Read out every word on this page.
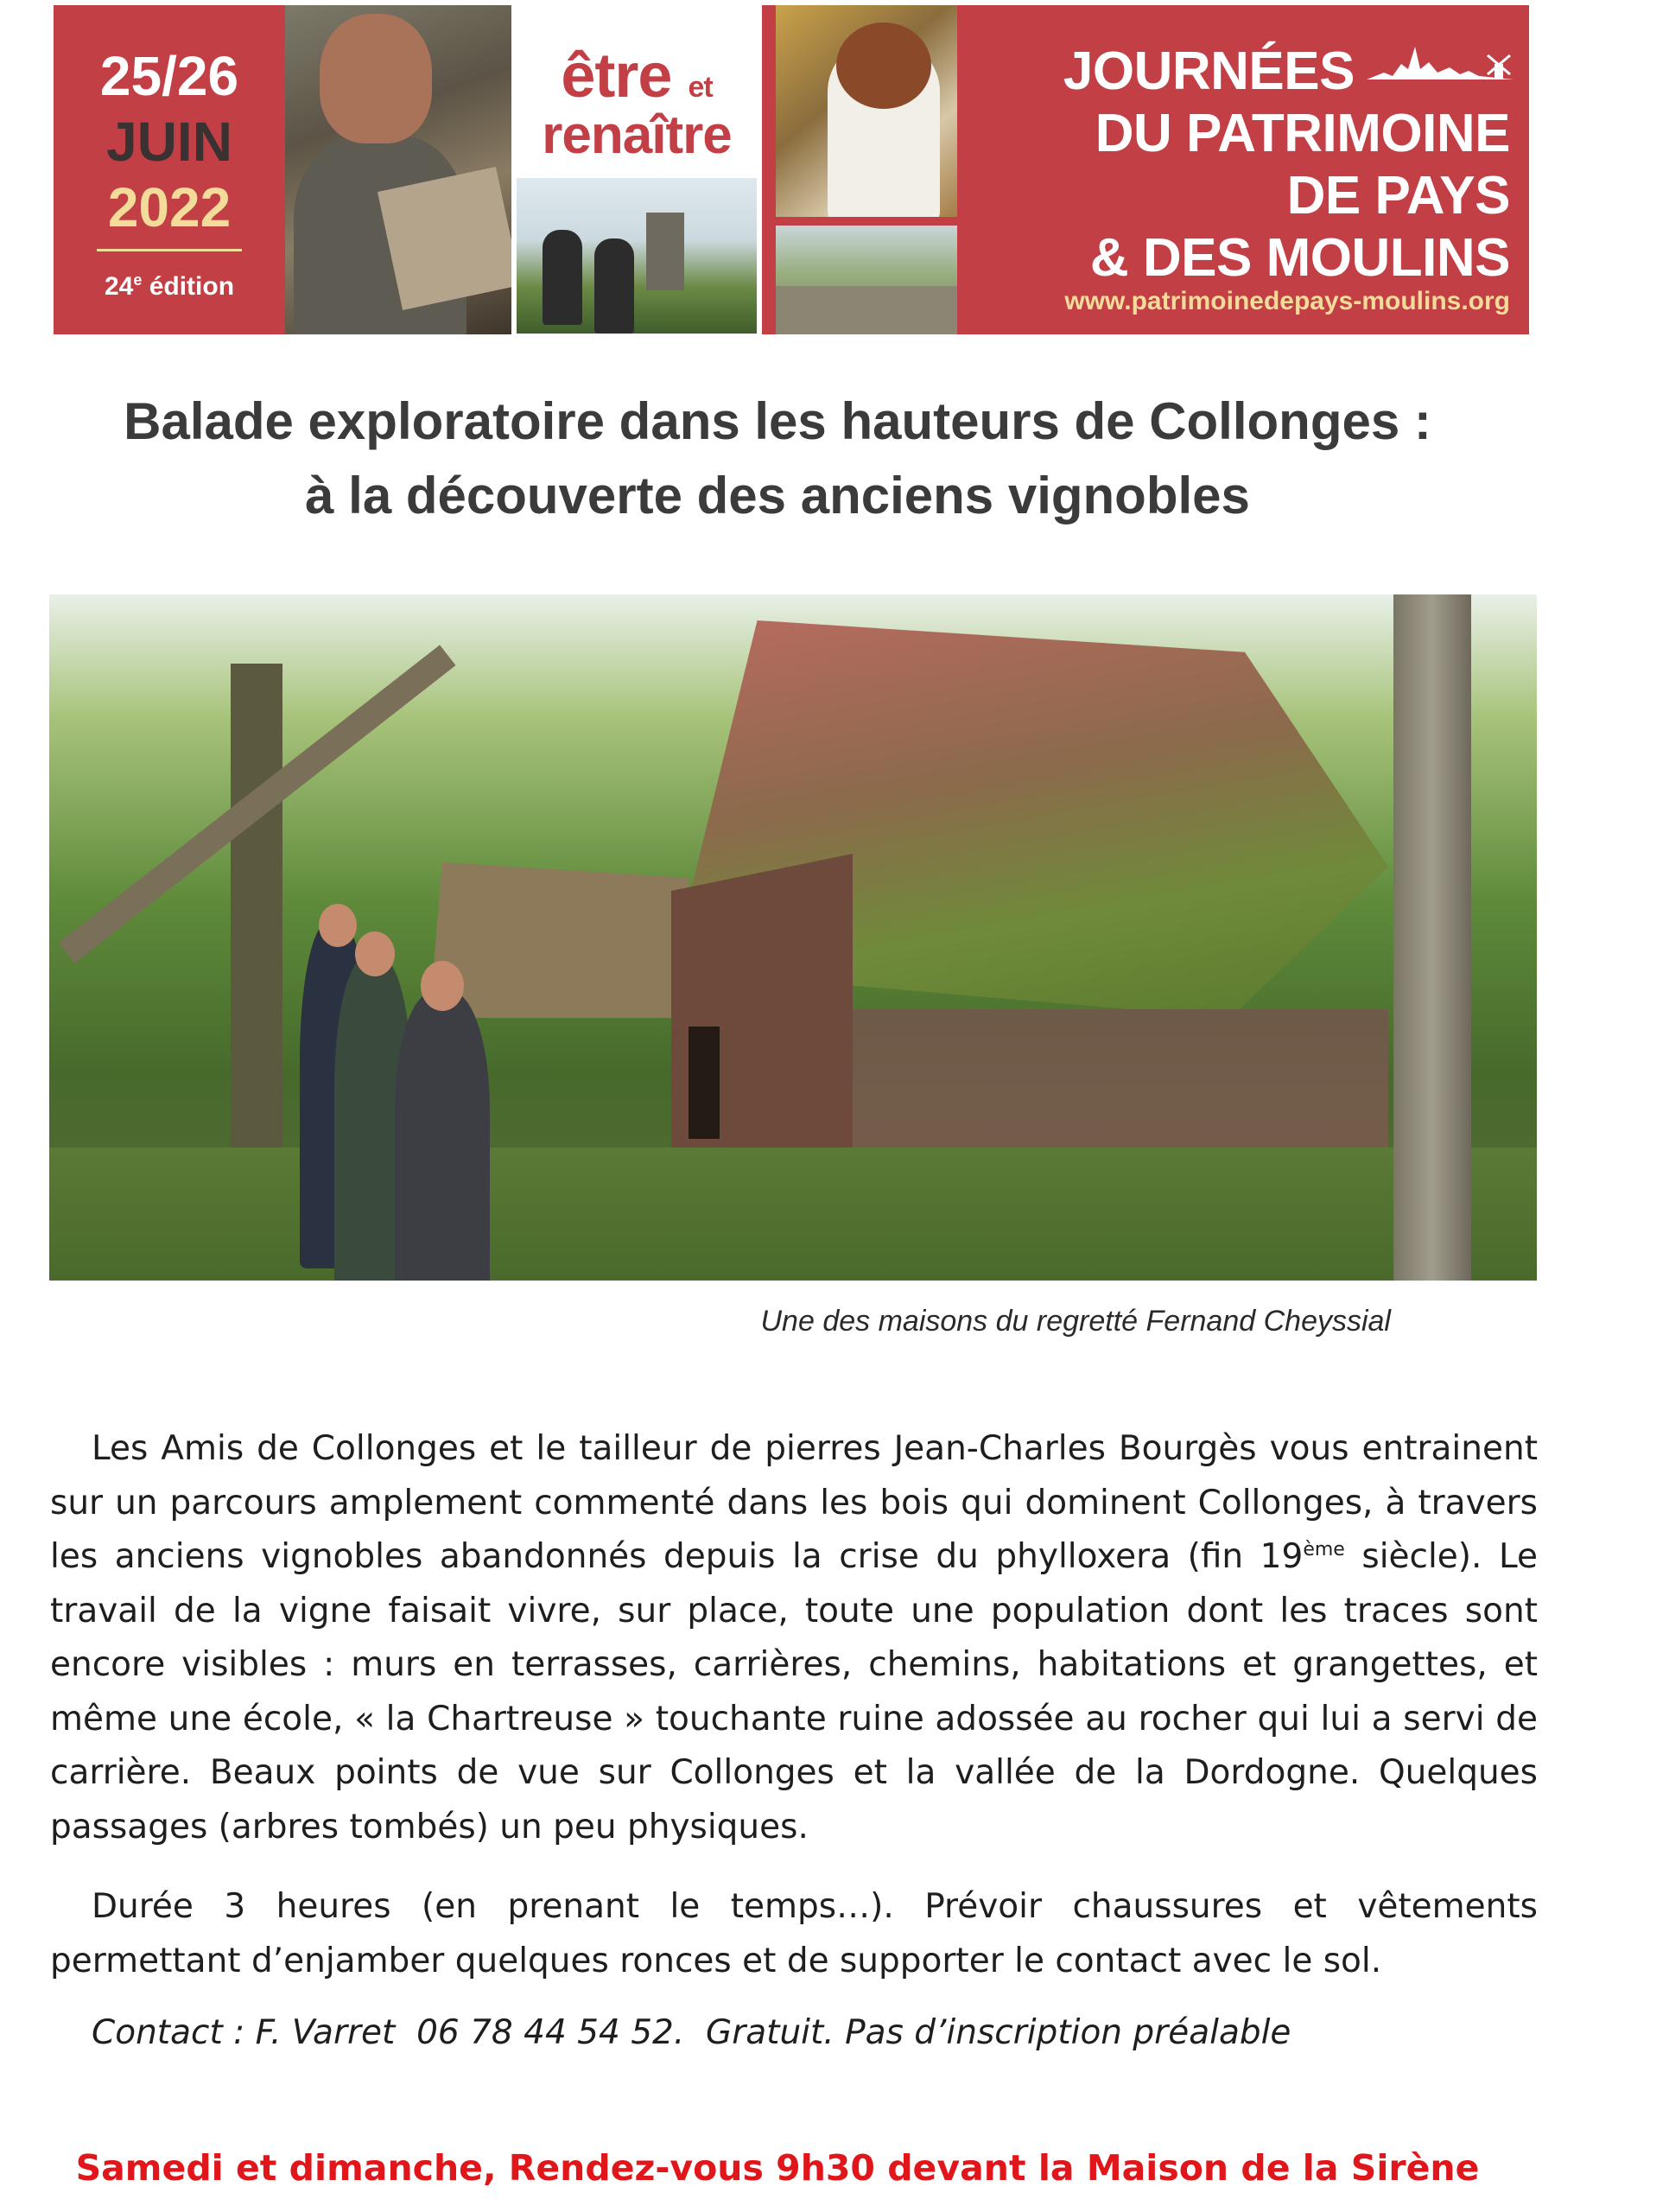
25/26
JUIN
2022
24e édition
être et
renaître
JOURNÉES
DU PATRIMOINE
DE PAYS
& DES MOULINS
www.patrimoinedepays-moulins.org
Balade exploratoire dans les hauteurs de Collonges :
à la découverte des anciens vignobles
Une des maisons du regretté Fernand Cheyssial
Les Amis de Collonges et le tailleur de pierres Jean-Charles Bourgès vous entrainent sur un parcours amplement commenté dans les bois qui dominent Collonges, à travers les anciens vignobles abandonnés depuis la crise du phylloxera (fin 19ème siècle). Le travail de la vigne faisait vivre, sur place, toute une population dont les traces sont encore visibles : murs en terrasses, carrières, chemins, habitations et grangettes, et même une école, « la Chartreuse » touchante ruine adossée au rocher qui lui a servi de carrière. Beaux points de vue sur Collonges et la vallée de la Dordogne. Quelques passages (arbres tombés) un peu physiques.
Durée 3 heures (en prenant le temps…). Prévoir chaussures et vêtements permettant d’enjamber quelques ronces et de supporter le contact avec le sol.
Contact : F. Varret  06 78 44 54 52.  Gratuit. Pas d’inscription préalable
Samedi et dimanche, Rendez-vous 9h30 devant la Maison de la Sirène
